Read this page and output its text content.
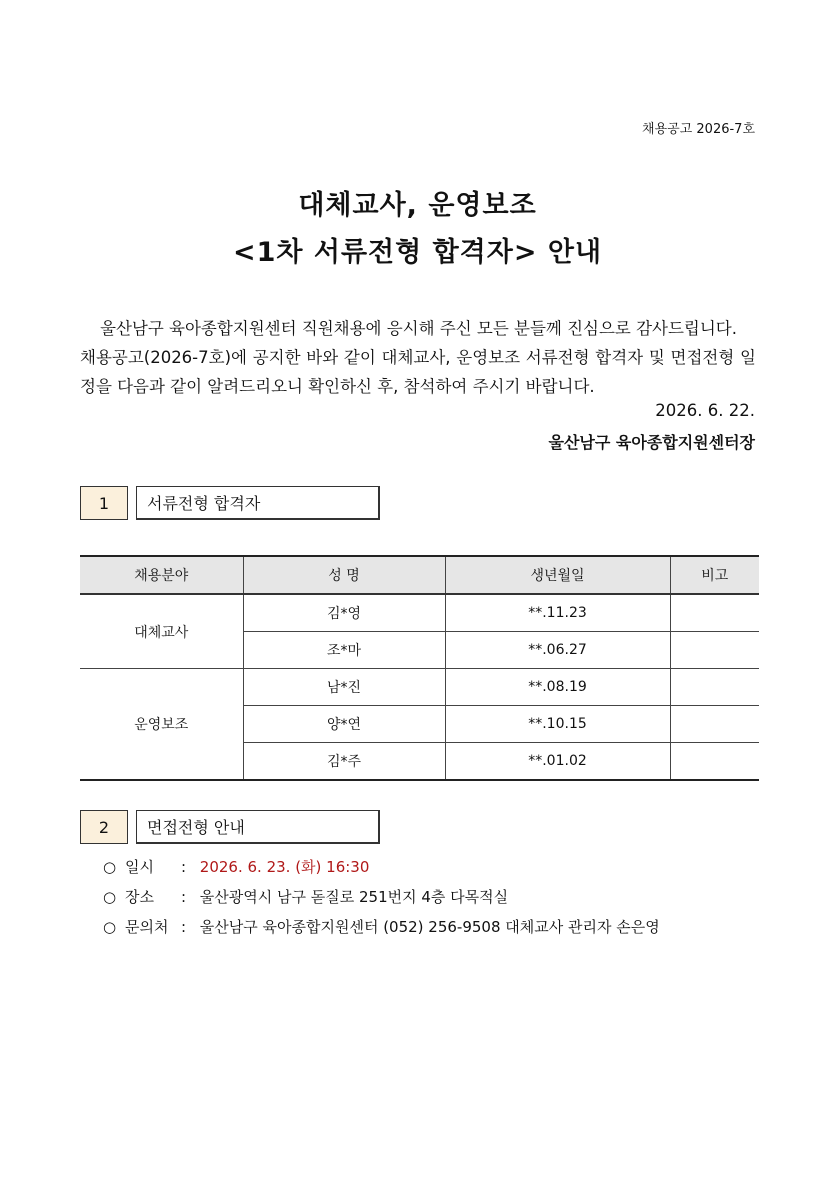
채용공고 2026-7호
대체교사, 운영보조
<1차 서류전형 합격자> 안내

울산남구 육아종합지원센터 직원채용에 응시해 주신 모든 분들께 진심으로 감사드립니다.

채용공고(2026-7호)에 공지한 바와 같이 대체교사, 운영보조 서류전형 합격자 및 면접전형 일정을 다음과 같이 알려드리오니 확인하신 후, 참석하여 주시기 바랍니다.

2026. 6. 22.
울산남구 육아종합지원센터장
1	서류전형 합격자
채용분야	성 명	생년월일	비고
대체교사	김*영	**.11.23	
	조*마	**.06.27	
운영보조	남*진	**.08.19	
	양*연	**.10.15	
	김*주	**.01.02	
2	면접전형 안내
○ 일시 : 2026. 6. 23. (화) 16:30
○ 장소 : 울산광역시 남구 돋질로 251번지 4층 다목적실
○ 문의처 : 울산남구 육아종합지원센터 (052) 256-9508 대체교사 관리자 손은영
